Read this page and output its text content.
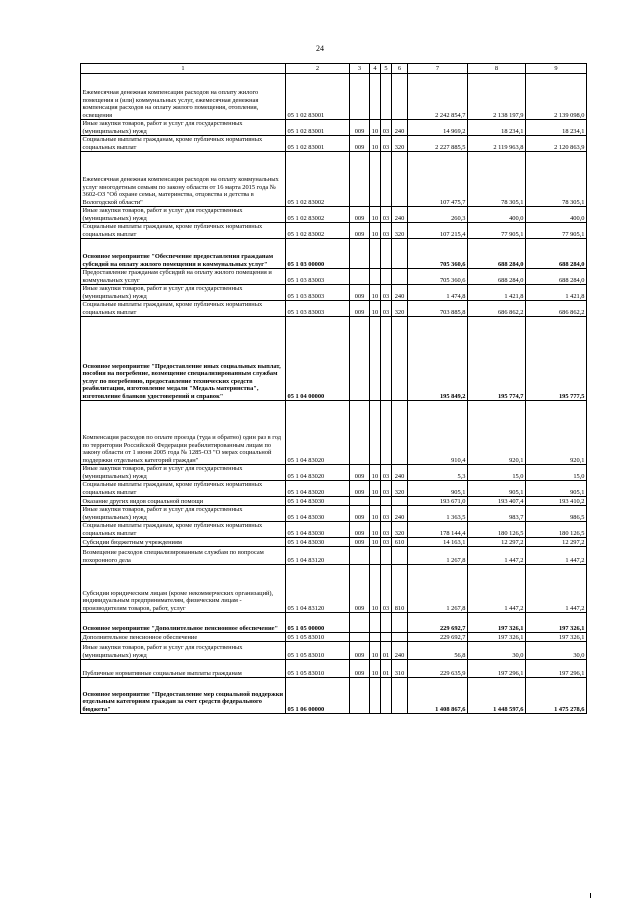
24
1	2	3	4	5	6	7	8	9
Ежемесячная денежная компенсация расходов на оплату жилого помещения и (или) коммунальных услуг, ежемесячная денежная компенсация расходов на оплату жилого помещения, отопления, освещения	05 1 02 83001					2 242 854,7	2 138 197,9	2 139 098,0
Иные закупки товаров, работ и услуг для государственных (муниципальных) нужд	05 1 02 83001	009	10	03	240	14 969,2	18 234,1	18 234,1
Социальные выплаты гражданам, кроме публичных нормативных социальных выплат	05 1 02 83001	009	10	03	320	2 227 885,5	2 119 963,8	2 120 863,9
Ежемесячная денежная компенсация расходов на оплату коммунальных услуг многодетным семьям по закону области от 16 марта 2015 года № 3602-ОЗ "Об охране семьи, материнства, отцовства и детства в Вологодской области"	05 1 02 83002					107 475,7	78 305,1	78 305,1
Иные закупки товаров, работ и услуг для государственных (муниципальных) нужд	05 1 02 83002	009	10	03	240	260,3	400,0	400,0
Социальные выплаты гражданам, кроме публичных нормативных социальных выплат	05 1 02 83002	009	10	03	320	107 215,4	77 905,1	77 905,1
Основное мероприятие "Обеспечение предоставления гражданам субсидий на оплату жилого помещения и коммунальных услуг"	05 1 03 00000					705 360,6	688 284,0	688 284,0
Предоставление гражданам субсидий на оплату жилого помещения и коммунальных услуг	05 1 03 83003					705 360,6	688 284,0	688 284,0
Иные закупки товаров, работ и услуг для государственных (муниципальных) нужд	05 1 03 83003	009	10	03	240	1 474,8	1 421,8	1 421,8
Социальные выплаты гражданам, кроме публичных нормативных социальных выплат	05 1 03 83003	009	10	03	320	703 885,8	686 862,2	686 862,2
Основное мероприятие "Предоставление иных социальных выплат, пособия на погребение, возмещение специализированным службам услуг по погребению, предоставление технических средств реабилитации, изготовление медали "Медаль материнства", изготовление бланков удостоверений и справок"	05 1 04 00000					195 849,2	195 774,7	195 777,5
Компенсация расходов по оплате проезда (туда и обратно) один раз в год по территории Российской Федерации реабилитированным лицам по закону области от 1 июня 2005 года № 1285-ОЗ "О мерах социальной поддержки отдельных категорий граждан"	05 1 04 83020					910,4	920,1	920,1
Иные закупки товаров, работ и услуг для государственных (муниципальных) нужд	05 1 04 83020	009	10	03	240	5,3	15,0	15,0
Социальные выплаты гражданам, кроме публичных нормативных социальных выплат	05 1 04 83020	009	10	03	320	905,1	905,1	905,1
Оказание других видов социальной помощи	05 1 04 83030					193 671,0	193 407,4	193 410,2
Иные закупки товаров, работ и услуг для государственных (муниципальных) нужд	05 1 04 83030	009	10	03	240	1 363,5	983,7	986,5
Социальные выплаты гражданам, кроме публичных нормативных социальных выплат	05 1 04 83030	009	10	03	320	178 144,4	180 126,5	180 126,5
Субсидии бюджетным учреждениям	05 1 04 83030	009	10	03	610	14 163,1	12 297,2	12 297,2
Возмещение расходов специализированным службам по вопросам похоронного дела	05 1 04 83120					1 267,8	1 447,2	1 447,2
Субсидии юридическим лицам (кроме некоммерческих организаций), индивидуальным предпринимателям, физическим лицам - производителям товаров, работ, услуг	05 1 04 83120	009	10	03	810	1 267,8	1 447,2	1 447,2
Основное мероприятие "Дополнительное пенсионное обеспечение"	05 1 05 00000					229 692,7	197 326,1	197 326,1
Дополнительное пенсионное обеспечение	05 1 05 83010					229 692,7	197 326,1	197 326,1
Иные закупки товаров, работ и услуг для государственных (муниципальных) нужд	05 1 05 83010	009	10	01	240	56,8	30,0	30,0
Публичные нормативные социальные выплаты гражданам	05 1 05 83010	009	10	01	310	229 635,9	197 296,1	197 296,1
Основное мероприятие "Предоставление мер социальной поддержки отдельным категориям граждан за счет средств федерального бюджета"	05 1 06 00000					1 408 867,6	1 448 597,6	1 475 278,6
